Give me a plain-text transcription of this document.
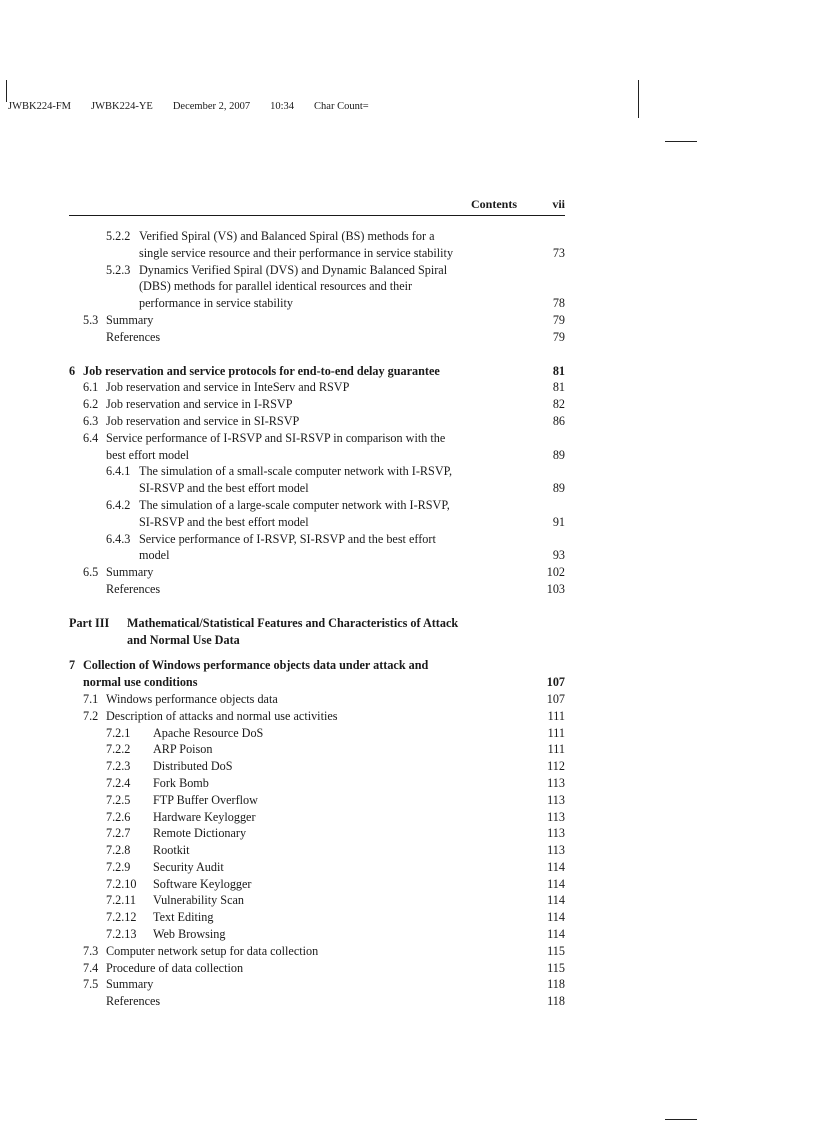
JWBK224-FM JWBK224-YE December 2, 2007 10:34 Char Count=
Contents	vii
5.2.2 Verified Spiral (VS) and Balanced Spiral (BS) methods for a
single service resource and their performance in service stability	73
5.2.3 Dynamics Verified Spiral (DVS) and Dynamic Balanced Spiral
(DBS) methods for parallel identical resources and their
performance in service stability	78
5.3 Summary	79
References	79
6 Job reservation and service protocols for end-to-end delay guarantee	81
6.1 Job reservation and service in InteServ and RSVP	81
6.2 Job reservation and service in I-RSVP	82
6.3 Job reservation and service in SI-RSVP	86
6.4 Service performance of I-RSVP and SI-RSVP in comparison with the
best effort model	89
6.4.1 The simulation of a small-scale computer network with I-RSVP,
SI-RSVP and the best effort model	89
6.4.2 The simulation of a large-scale computer network with I-RSVP,
SI-RSVP and the best effort model	91
6.4.3 Service performance of I-RSVP, SI-RSVP and the best effort
model	93
6.5 Summary	102
References	103
Part III	Mathematical/Statistical Features and Characteristics of Attack
and Normal Use Data
7 Collection of Windows performance objects data under attack and
normal use conditions	107
7.1 Windows performance objects data	107
7.2 Description of attacks and normal use activities	111
7.2.1	Apache Resource DoS	111
7.2.2	ARP Poison	111
7.2.3	Distributed DoS	112
7.2.4	Fork Bomb	113
7.2.5	FTP Buffer Overflow	113
7.2.6	Hardware Keylogger	113
7.2.7	Remote Dictionary	113
7.2.8	Rootkit	113
7.2.9	Security Audit	114
7.2.10	Software Keylogger	114
7.2.11	Vulnerability Scan	114
7.2.12	Text Editing	114
7.2.13	Web Browsing	114
7.3 Computer network setup for data collection	115
7.4 Procedure of data collection	115
7.5 Summary	118
References	118
